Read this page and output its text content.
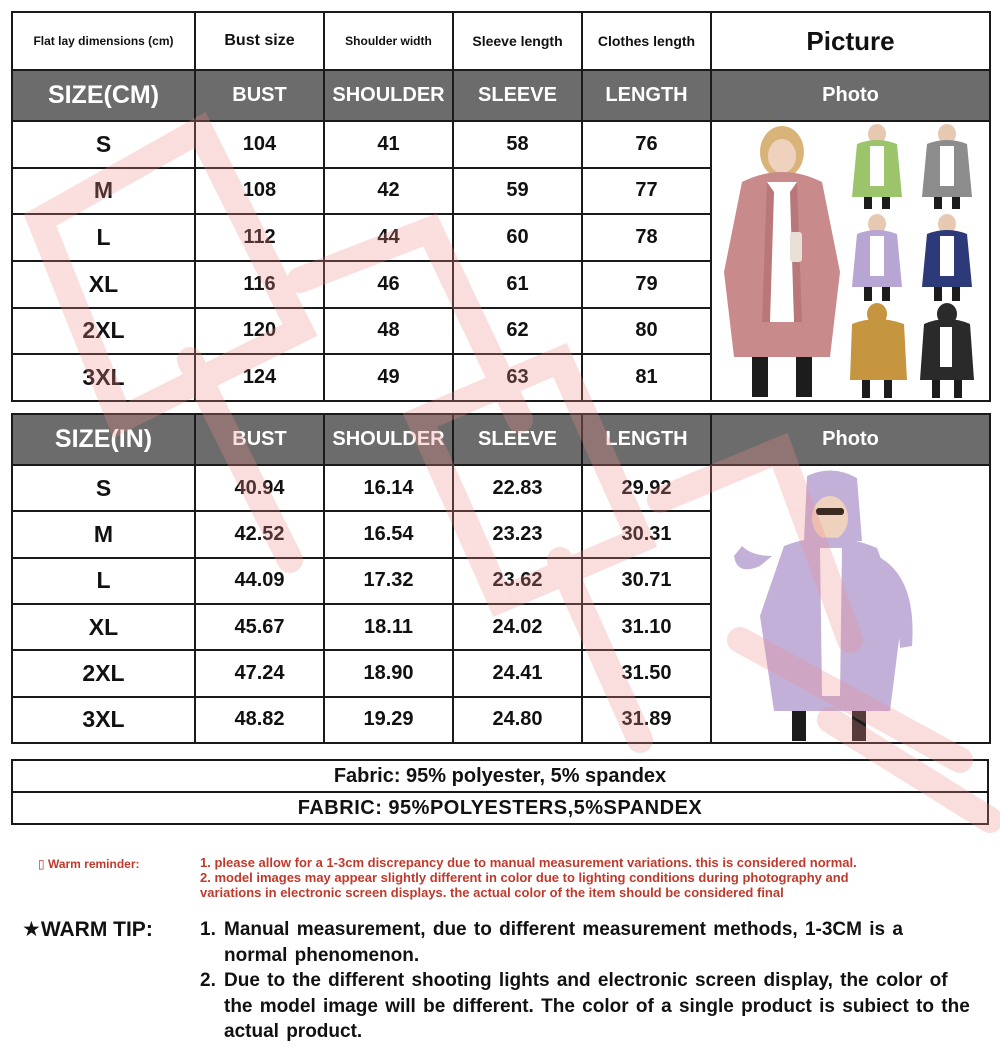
Flat lay dimensions (cm)	Bust size	Shoulder width	Sleeve length	Clothes length	Picture
SIZE(CM)	BUST	SHOULDER	SLEEVE	LENGTH	Photo
S	104	41	58	76	

M	108	42	59	77	
L	112	44	60	78	
XL	116	46	61	79	
2XL	120	48	62	80	
3XL	124	49	63	81	
SIZE(IN)	BUST	SHOULDER	SLEEVE	LENGTH	Photo
S	40.94	16.14	22.83	29.92	

M	42.52	16.54	23.23	30.31	
L	44.09	17.32	23.62	30.71	
XL	45.67	18.11	24.02	31.10	
2XL	47.24	18.90	24.41	31.50	
3XL	48.82	19.29	24.80	31.89	
Fabric: 95% polyester, 5% spandex
FABRIC: 95%POLYESTERS,5%SPANDEX
▯ Warm reminder:	1. please allow for a 1-3cm discrepancy due to manual measurement variations. this is considered normal.
2. model images may appear slightly different in color due to lighting conditions during photography and
variations in electronic screen displays. the actual color of the item should be considered final
★WARM TIP: 1. Manual measurement, due to different measurement methods, 1-3CM is a normal phenomenon.
2. Due to the different shooting lights and electronic screen display, the color of the model image will be different. The color of a single product is subiect to the actual product.
